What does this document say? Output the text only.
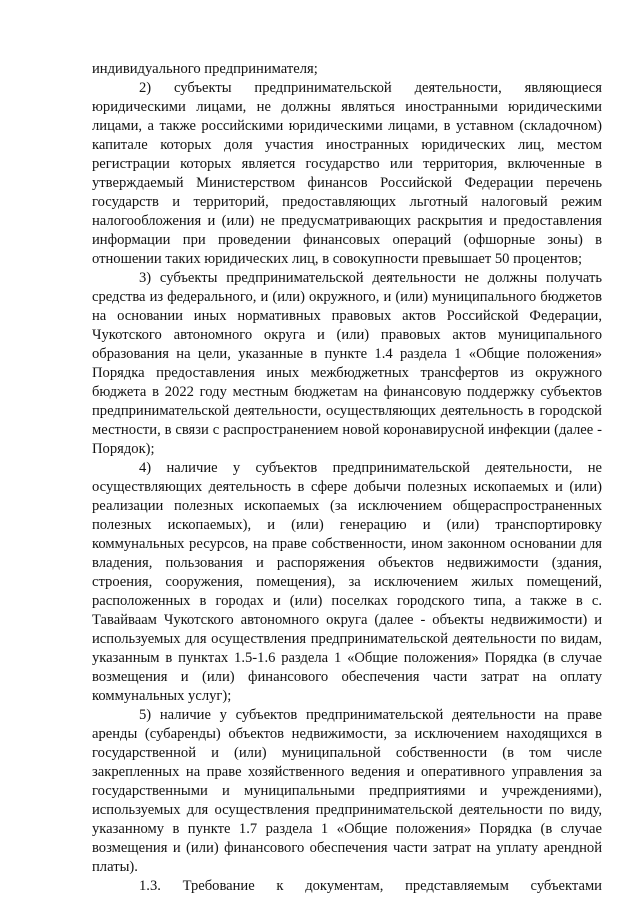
индивидуального предпринимателя;

2) субъекты предпринимательской деятельности, являющиеся юридическими лицами, не должны являться иностранными юридическими лицами, а также российскими юридическими лицами, в уставном (складочном) капитале которых доля участия иностранных юридических лиц, местом регистрации которых является государство или территория, включенные в утверждаемый Министерством финансов Российской Федерации перечень государств и территорий, предоставляющих льготный налоговый режим налогообложения и (или) не предусматривающих раскрытия и предоставления информации при проведении финансовых операций (офшорные зоны) в отношении таких юридических лиц, в совокупности превышает 50 процентов;

3) субъекты предпринимательской деятельности не должны получать средства из федерального, и (или) окружного, и (или) муниципального бюджетов на основании иных нормативных правовых актов Российской Федерации, Чукотского автономного округа и (или) правовых актов муниципального образования на цели, указанные в пункте 1.4 раздела 1 «Общие положения» Порядка предоставления иных межбюджетных трансфертов из окружного бюджета в 2022 году местным бюджетам на финансовую поддержку субъектов предпринимательской деятельности, осуществляющих деятельность в городской местности, в связи с распространением новой коронавирусной инфекции (далее - Порядок);

4) наличие у субъектов предпринимательской деятельности, не осуществляющих деятельность в сфере добычи полезных ископаемых и (или) реализации полезных ископаемых (за исключением общераспространенных полезных ископаемых), и (или) генерацию и (или) транспортировку коммунальных ресурсов, на праве собственности, ином законном основании для владения, пользования и распоряжения объектов недвижимости (здания, строения, сооружения, помещения), за исключением жилых помещений, расположенных в городах и (или) поселках городского типа, а также в с. Тавайваам Чукотского автономного округа (далее - объекты недвижимости) и используемых для осуществления предпринимательской деятельности по видам, указанным в пунктах 1.5-1.6 раздела 1 «Общие положения» Порядка (в случае возмещения и (или) финансового обеспечения части затрат на оплату коммунальных услуг);

5) наличие у субъектов предпринимательской деятельности на праве аренды (субаренды) объектов недвижимости, за исключением находящихся в государственной и (или) муниципальной собственности (в том числе закрепленных на праве хозяйственного ведения и оперативного управления за государственными и муниципальными предприятиями и учреждениями), используемых для осуществления предпринимательской деятельности по виду, указанному в пункте 1.7 раздела 1 «Общие положения» Порядка (в случае возмещения и (или) финансового обеспечения части затрат на уплату арендной платы).

1.3. Требование к документам, представляемым субъектами
